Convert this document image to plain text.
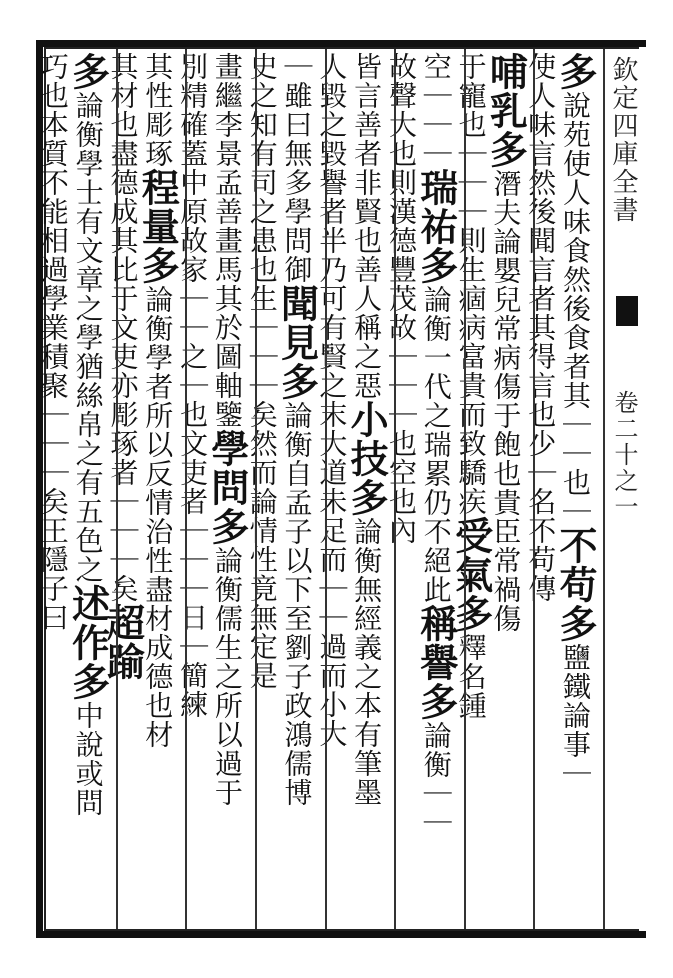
欽定四庫全書
卷二十之一
多說苑使人味食然後食者其｜｜也｜不苟多鹽鐵論事｜
使人味言然後聞言者其得言也少｜名不苟傳
哺乳多潛夫論嬰兒常病傷于飽也貴臣常禍傷
于寵也｜｜｜則生痼病富貴而致驕疾受氣多釋名鍾
空｜｜｜瑞祐多論衡一代之瑞累仍不絕此稱譽多論衡｜｜
故聲大也則漢德豐茂故｜｜｜也空也內
皆言善者非賢也善人稱之惡小技多論衡無經義之本有筆墨
人毀之毀譽者半乃可有賢之末大道未足而｜｜過而小大
｜雖曰無多學問御聞見多論衡自孟子以下至劉子政鴻儒博
史之知有司之患也生｜｜｜矣然而論情性竟無定是
畫繼李景孟善畫馬其於圖軸鑒學問多論衡儒生之所以過于
別精確蓋中原故家｜｜之｜也文吏者｜｜｜日｜簡練
其性彫琢程量多論衡學者所以反情治性盡材成德也材
其材也盡德成其比于文吏亦彫琢者｜｜｜矣超踰
多論衡學士有文章之學猶絲帛之有五色之述作多中說或問
巧也本質不能相過學業積聚｜｜｜矣王隱子曰
